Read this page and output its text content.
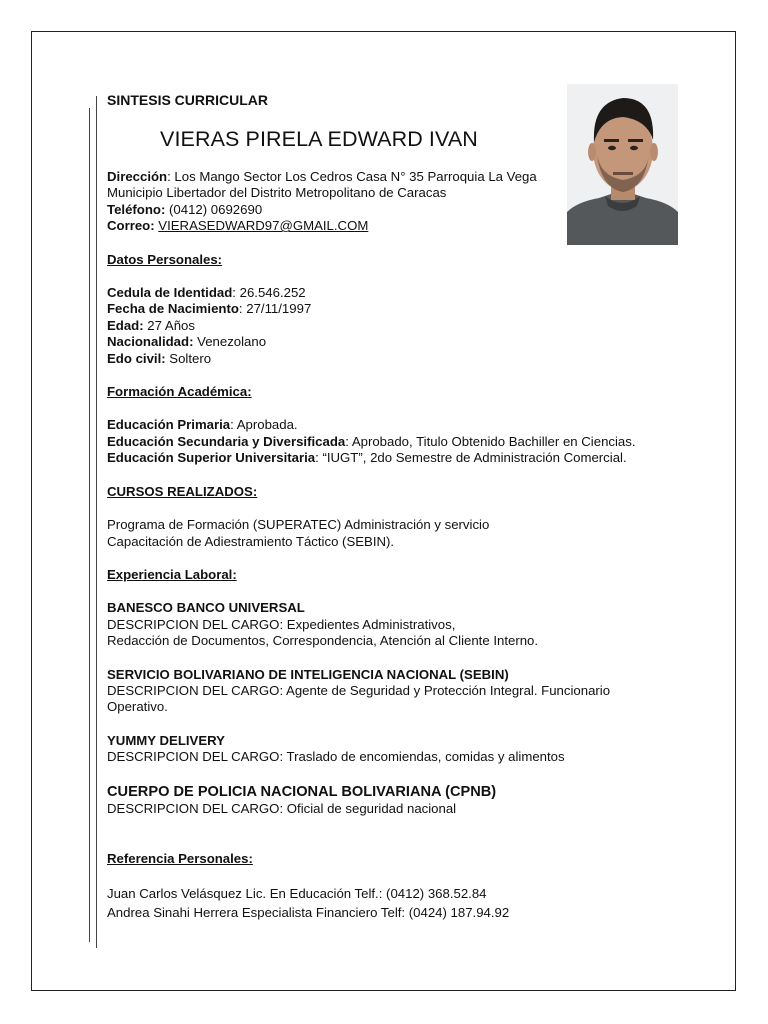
SINTESIS CURRICULAR
VIERAS PIRELA EDWARD IVAN
Dirección: Los Mango Sector Los Cedros Casa N° 35 Parroquia La Vega Municipio Libertador del Distrito Metropolitano de Caracas
Teléfono: (0412) 0692690
Correo: VIERASEDWARD97@GMAIL.COM
Datos Personales:
Cedula de Identidad: 26.546.252
Fecha de Nacimiento: 27/11/1997
Edad: 27 Años
Nacionalidad: Venezolano
Edo civil: Soltero
Formación Académica:
Educación Primaria: Aprobada.
Educación Secundaria y Diversificada: Aprobado, Titulo Obtenido Bachiller en Ciencias.
Educación Superior Universitaria: “IUGT”, 2do Semestre de Administración Comercial.
CURSOS REALIZADOS:
Programa de Formación (SUPERATEC) Administración y servicio
Capacitación de Adiestramiento Táctico (SEBIN).
Experiencia Laboral:
BANESCO BANCO UNIVERSAL
DESCRIPCION DEL CARGO: Expedientes Administrativos,
Redacción de Documentos, Correspondencia, Atención al Cliente Interno.
SERVICIO BOLIVARIANO DE INTELIGENCIA NACIONAL (SEBIN)
DESCRIPCION DEL CARGO: Agente de Seguridad y Protección Integral. Funcionario Operativo.
YUMMY DELIVERY
DESCRIPCION DEL CARGO: Traslado de encomiendas, comidas y alimentos
CUERPO DE POLICIA NACIONAL BOLIVARIANA (CPNB)
DESCRIPCION DEL CARGO: Oficial de seguridad nacional
Referencia Personales:
Juan Carlos Velásquez Lic. En Educación Telf.: (0412) 368.52.84
Andrea Sinahi Herrera Especialista Financiero Telf: (0424) 187.94.92
